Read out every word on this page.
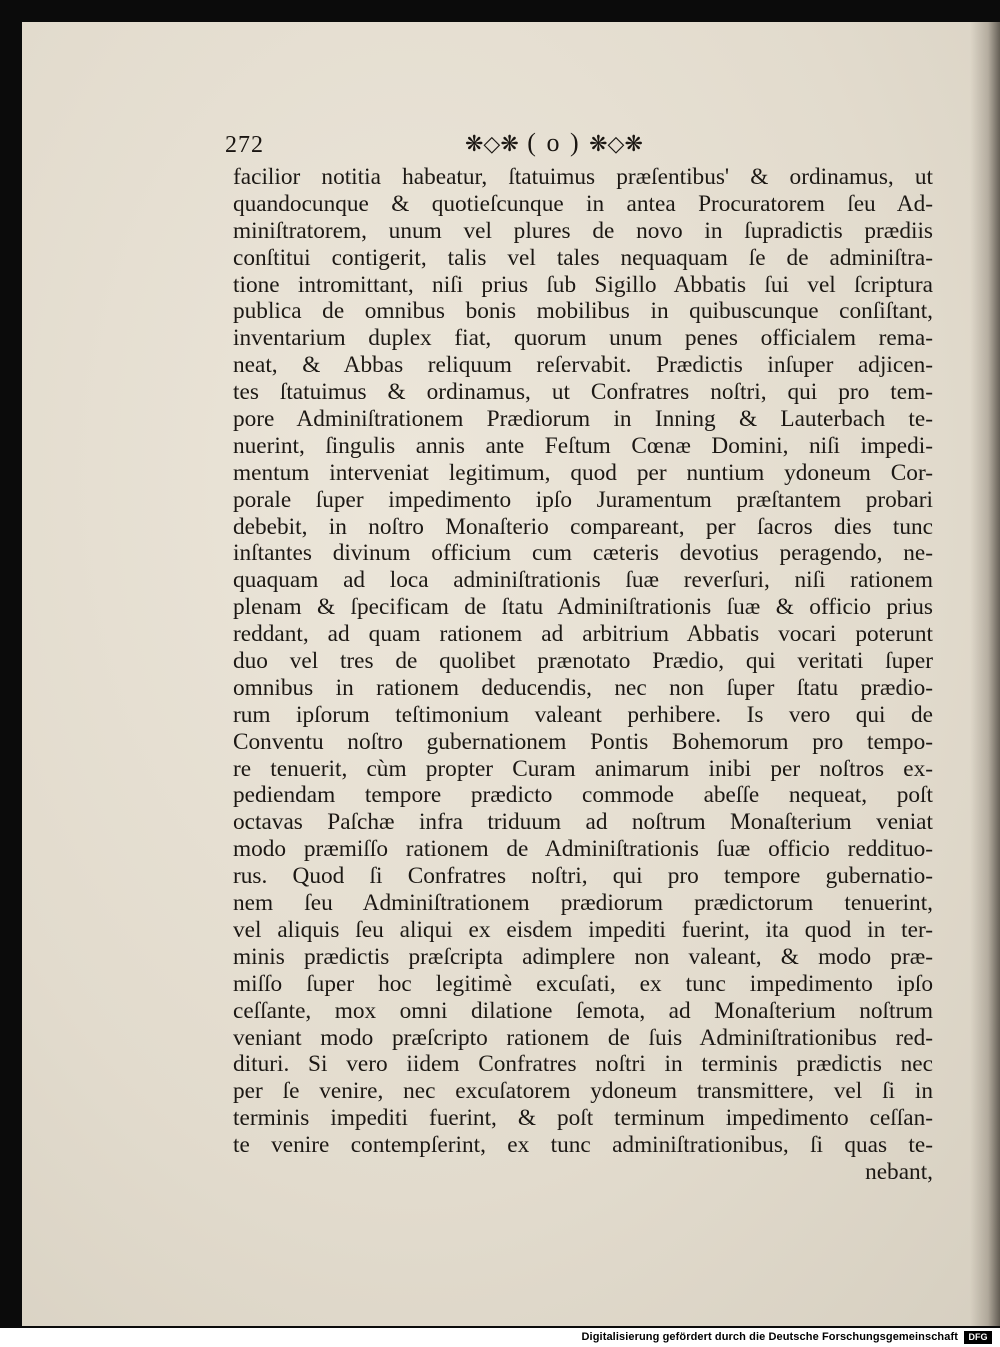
272	❋◇❋ ( o ) ❋◇❋
facilior notitia habeatur, ſtatuimus præſentibus' & ordinamus, ut
quandocunque & quotieſcunque in antea Procuratorem ſeu Ad-
miniſtratorem, unum vel plures de novo in ſupradictis prædiis
conſtitui contigerit, talis vel tales nequaquam ſe de adminiſtra-
tione intromittant, niſi prius ſub Sigillo Abbatis ſui vel ſcriptura
publica de omnibus bonis mobilibus in quibuscunque conſiſtant,
inventarium duplex fiat, quorum unum penes officialem rema-
neat, & Abbas reliquum reſervabit. Prædictis inſuper adjicen-
tes ſtatuimus & ordinamus, ut Confratres noſtri, qui pro tem-
pore Adminiſtrationem Prædiorum in Inning & Lauterbach te-
nuerint, ſingulis annis ante Feſtum Cœnæ Domini, niſi impedi-
mentum interveniat legitimum, quod per nuntium ydoneum Cor-
porale ſuper impedimento ipſo Juramentum præſtantem probari
debebit, in noſtro Monaſterio compareant, per ſacros dies tunc
inſtantes divinum officium cum cæteris devotius peragendo, ne-
quaquam ad loca adminiſtrationis ſuæ reverſuri, niſi rationem
plenam & ſpecificam de ſtatu Adminiſtrationis ſuæ & officio prius
reddant, ad quam rationem ad arbitrium Abbatis vocari poterunt
duo vel tres de quolibet prænotato Prædio, qui veritati ſuper
omnibus in rationem deducendis, nec non ſuper ſtatu prædio-
rum ipſorum teſtimonium valeant perhibere. Is vero qui de
Conventu noſtro gubernationem Pontis Bohemorum pro tempo-
re tenuerit, cùm propter Curam animarum inibi per noſtros ex-
pediendam tempore prædicto commode abeſſe nequeat, poſt
octavas Paſchæ infra triduum ad noſtrum Monaſterium veniat
modo præmiſſo rationem de Adminiſtrationis ſuæ officio reddituo-
rus. Quod ſi Confratres noſtri, qui pro tempore gubernatio-
nem ſeu Adminiſtrationem prædiorum prædictorum tenuerint,
vel aliquis ſeu aliqui ex eisdem impediti fuerint, ita quod in ter-
minis prædictis præſcripta adimplere non valeant, & modo præ-
miſſo ſuper hoc legitimè excuſati, ex tunc impedimento ipſo
ceſſante, mox omni dilatione ſemota, ad Monaſterium noſtrum
veniant modo præſcripto rationem de ſuis Adminiſtrationibus red-
dituri. Si vero iidem Confratres noſtri in terminis prædictis nec
per ſe venire, nec excuſatorem ydoneum transmittere, vel ſi in
terminis impediti fuerint, & poſt terminum impedimento ceſſan-
te venire contempſerint, ex tunc adminiſtrationibus, ſi quas te-
nebant,
Digitalisierung gefördert durch die Deutsche Forschungsgemeinschaft	DFG
